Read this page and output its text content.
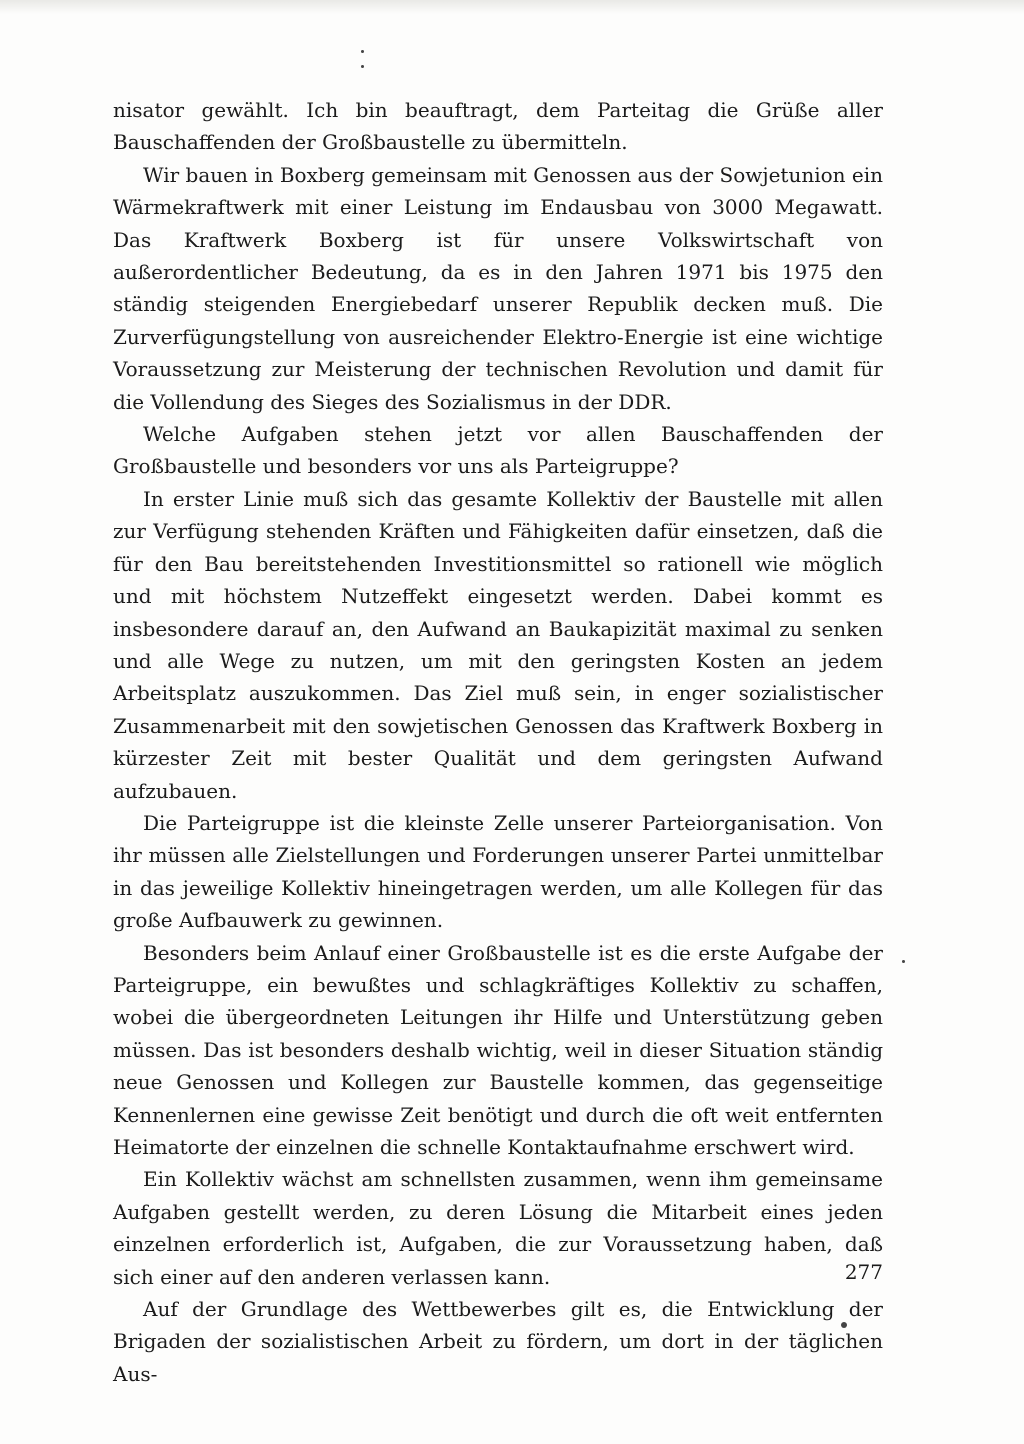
nisator gewählt. Ich bin beauftragt, dem Parteitag die Grüße aller Bauschaffenden der Großbaustelle zu übermitteln.

Wir bauen in Boxberg gemeinsam mit Genossen aus der Sowjetunion ein Wärmekraftwerk mit einer Leistung im Endausbau von 3000 Megawatt. Das Kraftwerk Boxberg ist für unsere Volkswirtschaft von außerordentlicher Bedeutung, da es in den Jahren 1971 bis 1975 den ständig steigenden Energiebedarf unserer Republik decken muß. Die Zurverfügungstellung von ausreichender Elektro-Energie ist eine wichtige Voraussetzung zur Meisterung der technischen Revolution und damit für die Vollendung des Sieges des Sozialismus in der DDR.

Welche Aufgaben stehen jetzt vor allen Bauschaffenden der Großbaustelle und besonders vor uns als Parteigruppe?

In erster Linie muß sich das gesamte Kollektiv der Baustelle mit allen zur Verfügung stehenden Kräften und Fähigkeiten dafür einsetzen, daß die für den Bau bereitstehenden Investitionsmittel so rationell wie möglich und mit höchstem Nutzeffekt eingesetzt werden. Dabei kommt es insbesondere darauf an, den Aufwand an Baukapizität maximal zu senken und alle Wege zu nutzen, um mit den geringsten Kosten an jedem Arbeitsplatz auszukommen. Das Ziel muß sein, in enger sozialistischer Zusammenarbeit mit den sowjetischen Genossen das Kraftwerk Boxberg in kürzester Zeit mit bester Qualität und dem geringsten Aufwand aufzubauen.

Die Parteigruppe ist die kleinste Zelle unserer Parteiorganisation. Von ihr müssen alle Zielstellungen und Forderungen unserer Partei unmittelbar in das jeweilige Kollektiv hineingetragen werden, um alle Kollegen für das große Aufbauwerk zu gewinnen.

Besonders beim Anlauf einer Großbaustelle ist es die erste Aufgabe der Parteigruppe, ein bewußtes und schlagkräftiges Kollektiv zu schaffen, wobei die übergeordneten Leitungen ihr Hilfe und Unterstützung geben müssen. Das ist besonders deshalb wichtig, weil in dieser Situation ständig neue Genossen und Kollegen zur Baustelle kommen, das gegenseitige Kennenlernen eine gewisse Zeit benötigt und durch die oft weit entfernten Heimatorte der einzelnen die schnelle Kontaktaufnahme erschwert wird.

Ein Kollektiv wächst am schnellsten zusammen, wenn ihm gemeinsame Aufgaben gestellt werden, zu deren Lösung die Mitarbeit eines jeden einzelnen erforderlich ist, Aufgaben, die zur Voraussetzung haben, daß sich einer auf den anderen verlassen kann.

Auf der Grundlage des Wettbewerbes gilt es, die Entwicklung der Brigaden der sozialistischen Arbeit zu fördern, um dort in der täglichen Aus-

277
